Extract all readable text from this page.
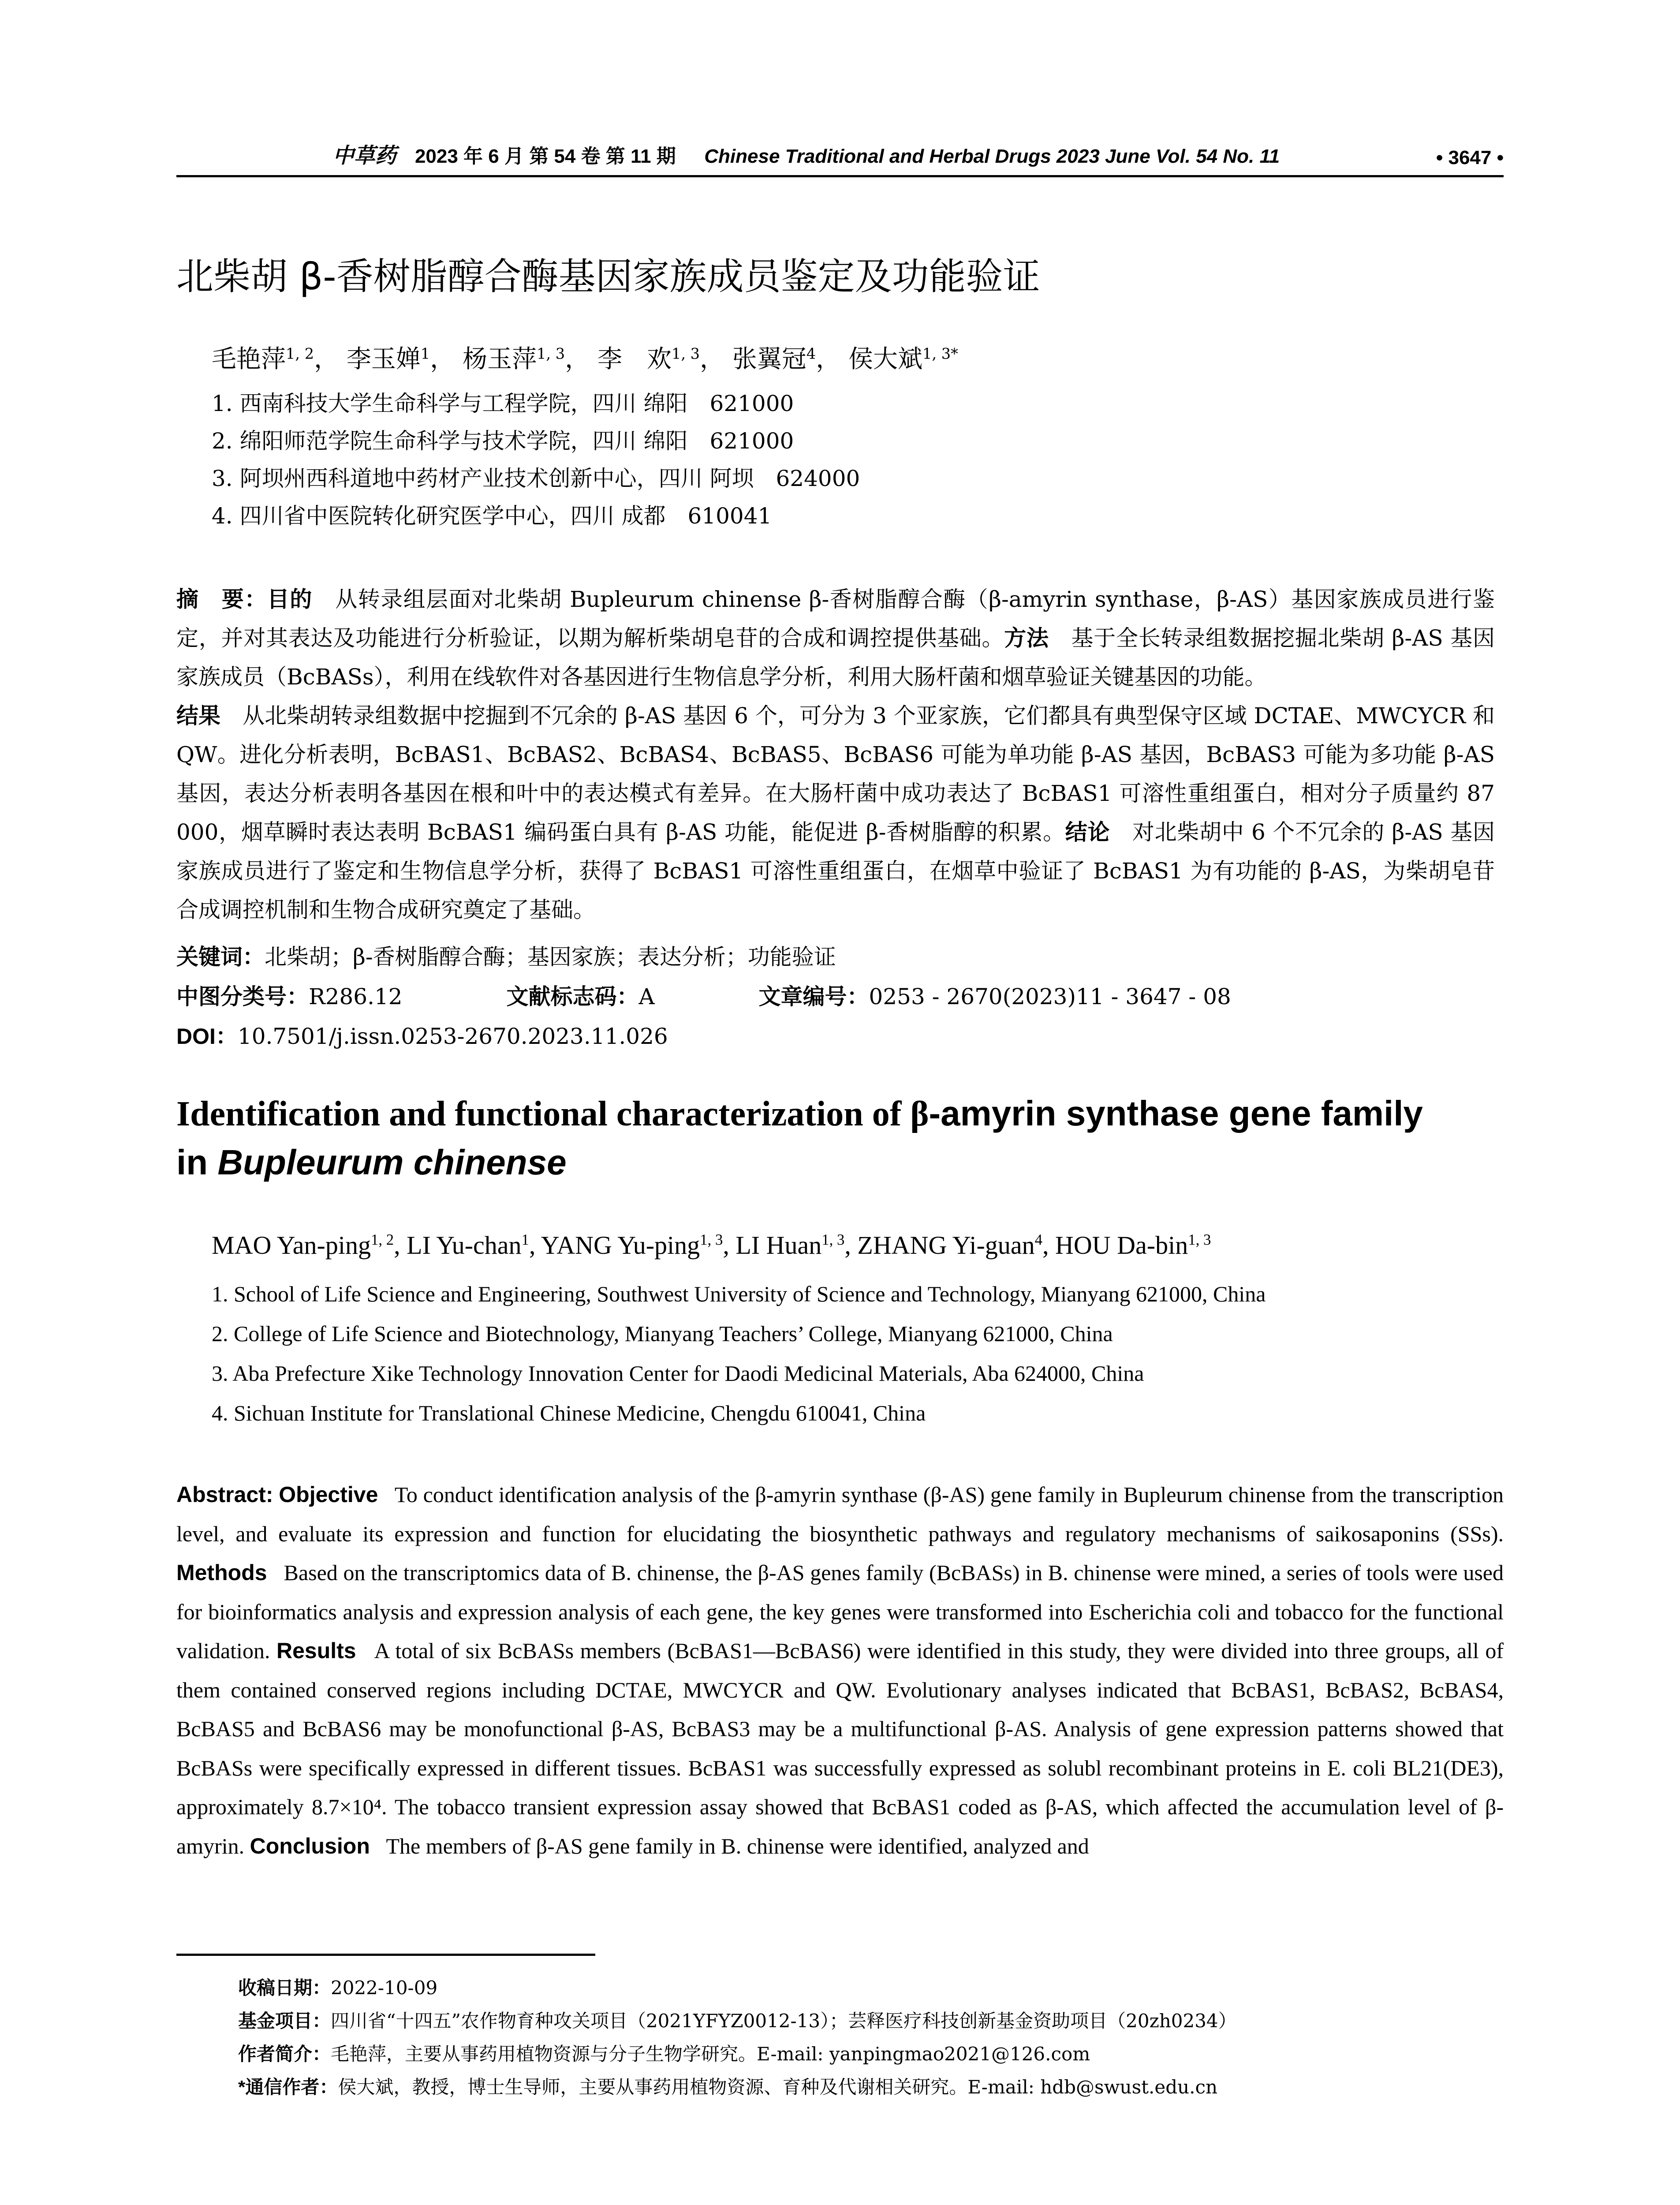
中草药 2023 年 6 月 第 54 卷 第 11 期 Chinese Traditional and Herbal Drugs 2023 June Vol. 54 No. 11	• 3647 •
北柴胡 β-香树脂醇合酶基因家族成员鉴定及功能验证
毛艳萍$^{1, 2}$， 李玉婵$^1$， 杨玉萍$^{1, 3}$， 李　欢$^{1, 3}$， 张翼冠$^4$， 侯大斌$^{1, 3*}$
1. 西南科技大学生命科学与工程学院，四川 绵阳　621000
2. 绵阳师范学院生命科学与技术学院，四川 绵阳　621000
3. 阿坝州西科道地中药材产业技术创新中心，四川 阿坝　624000
4. 四川省中医院转化研究医学中心，四川 成都　610041
摘　要：目的　 从转录组层面对北柴胡 Bupleurum chinense β-香树脂醇合酶（β-amyrin synthase，β-AS）基因家族成员进行鉴定，并对其表达及功能进行分析验证，以期为解析柴胡皂苷的合成和调控提供基础。方法　 基于全长转录组数据挖掘北柴胡 β-AS 基因家族成员（BcBASs），利用在线软件对各基因进行生物信息学分析，利用大肠杆菌和烟草验证关键基因的功能。
结果　 从北柴胡转录组数据中挖掘到不冗余的 β-AS 基因 6 个，可分为 3 个亚家族，它们都具有典型保守区域 DCTAE、MWCYCR 和 QW。进化分析表明，BcBAS1、BcBAS2、BcBAS4、BcBAS5、BcBAS6 可能为单功能 β-AS 基因，BcBAS3 可能为多功能 β-AS 基因，表达分析表明各基因在根和叶中的表达模式有差异。在大肠杆菌中成功表达了 BcBAS1 可溶性重组蛋白，相对分子质量约 87 000，烟草瞬时表达表明 BcBAS1 编码蛋白具有 β-AS 功能，能促进 β-香树脂醇的积累。结论　 对北柴胡中 6 个不冗余的 β-AS 基因家族成员进行了鉴定和生物信息学分析，获得了 BcBAS1 可溶性重组蛋白，在烟草中验证了 BcBAS1 为有功能的 β-AS，为柴胡皂苷合成调控机制和生物合成研究奠定了基础。
关键词：北柴胡；β-香树脂醇合酶；基因家族；表达分析；功能验证
中图分类号：R286.12	文献标志码：A	文章编号：0253 - 2670(2023)11 - 3647 - 08
DOI：10.7501/j.issn.0253-2670.2023.11.026
Identification and functional characterization of β-amyrin synthase gene family
in Bupleurum chinense
MAO Yan-ping$^{1, 2}$, LI Yu-chan$^1$, YANG Yu-ping$^{1, 3}$, LI Huan$^{1, 3}$, ZHANG Yi-guan$^4$, HOU Da-bin$^{1, 3}$
1. School of Life Science and Engineering, Southwest University of Science and Technology, Mianyang 621000, China
2. College of Life Science and Biotechnology, Mianyang Teachers’ College, Mianyang 621000, China
3. Aba Prefecture Xike Technology Innovation Center for Daodi Medicinal Materials, Aba 624000, China
4. Sichuan Institute for Translational Chinese Medicine, Chengdu 610041, China
Abstract: Objective To conduct identification analysis of the β-amyrin synthase (β-AS) gene family in Bupleurum chinense from the transcription level, and evaluate its expression and function for elucidating the biosynthetic pathways and regulatory mechanisms of saikosaponins (SSs). Methods Based on the transcriptomics data of B. chinense, the β-AS genes family (BcBASs) in B. chinense were mined, a series of tools were used for bioinformatics analysis and expression analysis of each gene, the key genes were transformed into Escherichia coli and tobacco for the functional validation. Results A total of six BcBASs members (BcBAS1—BcBAS6) were identified in this study, they were divided into three groups, all of them contained conserved regions including DCTAE, MWCYCR and QW. Evolutionary analyses indicated that BcBAS1, BcBAS2, BcBAS4, BcBAS5 and BcBAS6 may be monofunctional β-AS, BcBAS3 may be a multifunctional β-AS. Analysis of gene expression patterns showed that BcBASs were specifically expressed in different tissues. BcBAS1 was successfully expressed as solubl recombinant proteins in E. coli BL21(DE3), approximately 8.7×10⁴. The tobacco transient expression assay showed that BcBAS1 coded as β-AS, which affected the accumulation level of β-amyrin. Conclusion The members of β-AS gene family in B. chinense were identified, analyzed and
收稿日期：2022-10-09
基金项目：四川省“十四五”农作物育种攻关项目（2021YFYZ0012-13）；芸释医疗科技创新基金资助项目（20zh0234）
作者简介：毛艳萍，主要从事药用植物资源与分子生物学研究。E-mail: yanpingmao2021@126.com
*通信作者：侯大斌，教授，博士生导师，主要从事药用植物资源、育种及代谢相关研究。E-mail: hdb@swust.edu.cn
